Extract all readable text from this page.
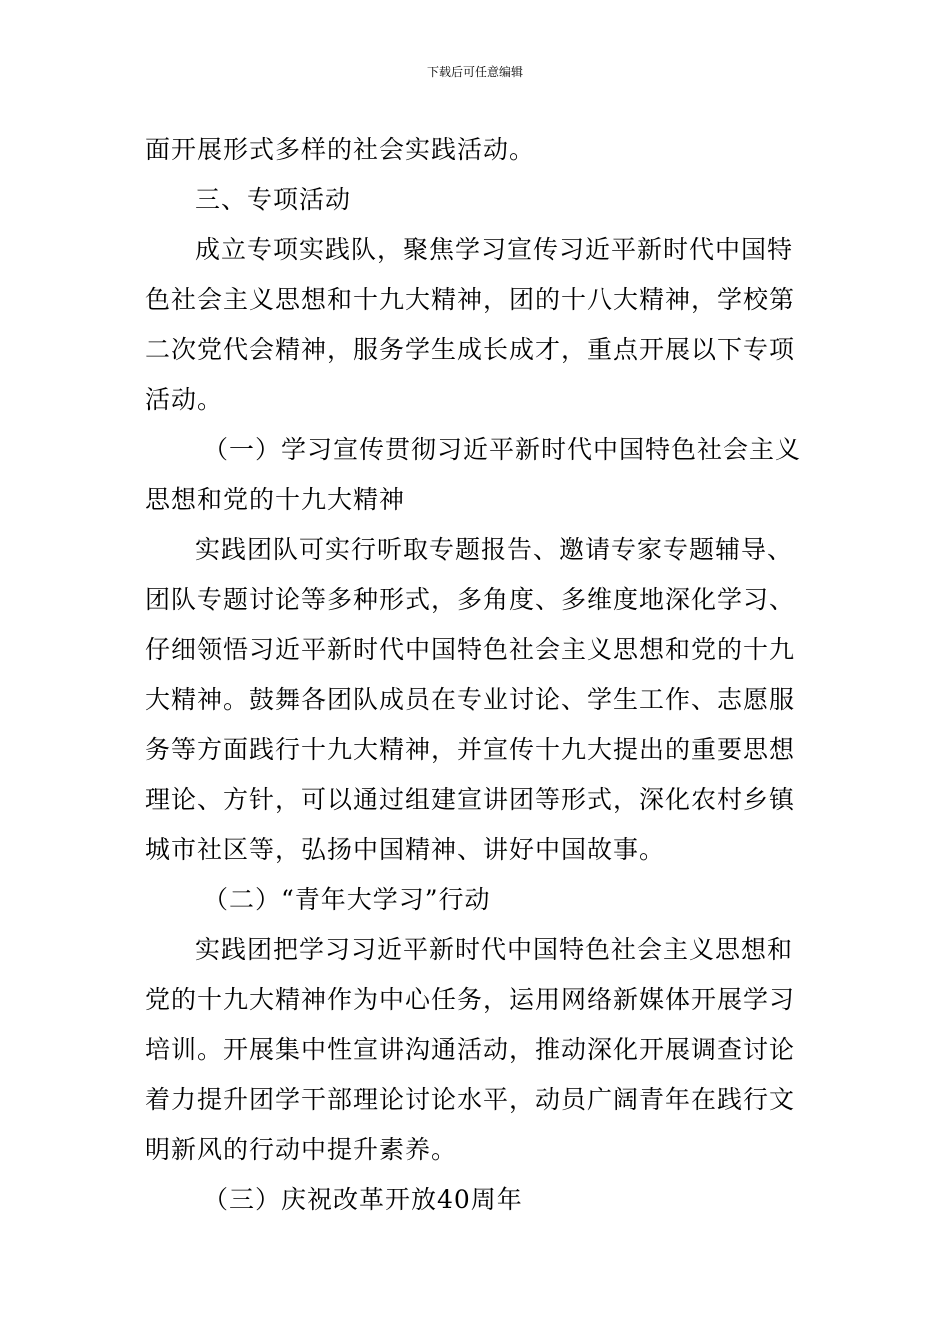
下载后可任意编辑
面开展形式多样的社会实践活动。
三、专项活动
成立专项实践队，聚焦学习宣传习近平新时代中国特
色社会主义思想和十九大精神，团的十八大精神，学校第
二次党代会精神，服务学生成长成才，重点开展以下专项
活动。
（一）学习宣传贯彻习近平新时代中国特色社会主义
思想和党的十九大精神
实践团队可实行听取专题报告、邀请专家专题辅导、
团队专题讨论等多种形式，多角度、多维度地深化学习、
仔细领悟习近平新时代中国特色社会主义思想和党的十九
大精神。鼓舞各团队成员在专业讨论、学生工作、志愿服
务等方面践行十九大精神，并宣传十九大提出的重要思想
理论、方针，可以通过组建宣讲团等形式，深化农村乡镇
城市社区等，弘扬中国精神、讲好中国故事。
（二）“青年大学习”行动
实践团把学习习近平新时代中国特色社会主义思想和
党的十九大精神作为中心任务，运用网络新媒体开展学习
培训。开展集中性宣讲沟通活动，推动深化开展调查讨论
着力提升团学干部理论讨论水平，动员广阔青年在践行文
明新风的行动中提升素养。
（三）庆祝改革开放40周年
